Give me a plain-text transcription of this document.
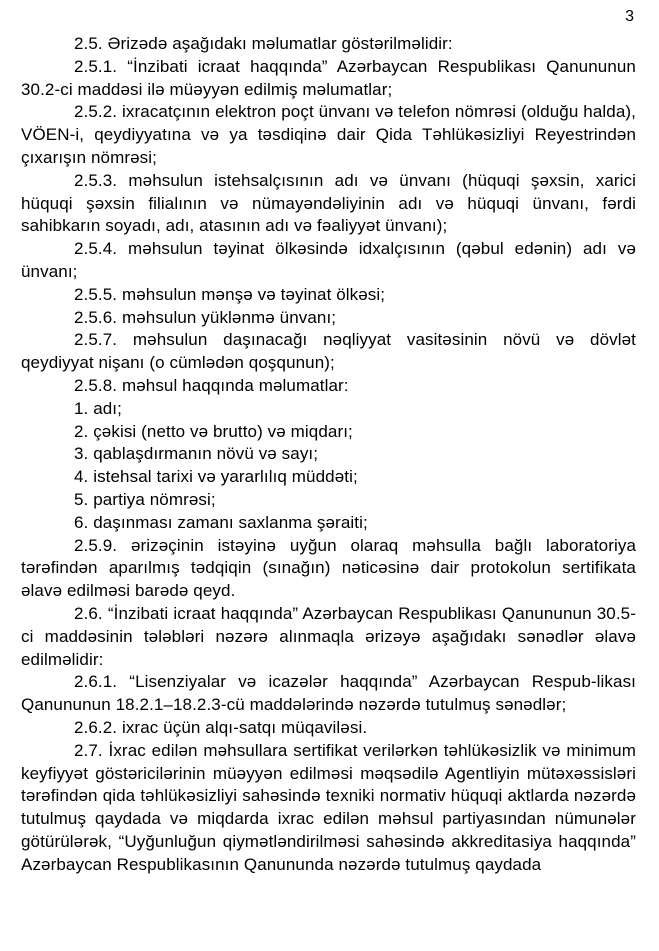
3

2.5. Ərizədə aşağıdakı məlumatlar göstərilməlidir:

2.5.1. “İnzibati icraat haqqında” Azərbaycan Respublikası Qanununun 30.2-ci maddəsi ilə müəyyən edilmiş məlumatlar;

2.5.2. ixracatçının elektron poçt ünvanı və telefon nömrəsi (olduğu halda), VÖEN-i, qeydiyyatına və ya təsdiqinə dair Qida Təhlükəsizliyi Reyestrindən çıxarışın nömrəsi;

2.5.3. məhsulun istehsalçısının adı və ünvanı (hüquqi şəxsin, xarici hüquqi şəxsin filialının və nümayəndəliyinin adı və hüquqi ünvanı, fərdi sahibkarın soyadı, adı, atasının adı və fəaliyyət ünvanı);

2.5.4. məhsulun təyinat ölkəsində idxalçısının (qəbul edənin) adı və ünvanı;

2.5.5. məhsulun mənşə və təyinat ölkəsi;

2.5.6. məhsulun yüklənmə ünvanı;

2.5.7. məhsulun daşınacağı nəqliyyat vasitəsinin növü və dövlət qeydiyyat nişanı (o cümlədən qoşqunun);

2.5.8. məhsul haqqında məlumatlar:

1. adı;

2. çəkisi (netto və brutto) və miqdarı;

3. qablaşdırmanın növü və sayı;

4. istehsal tarixi və yararlılıq müddəti;

5. partiya nömrəsi;

6. daşınması zamanı saxlanma şəraiti;

2.5.9. ərizəçinin istəyinə uyğun olaraq məhsulla bağlı laboratoriya tərəfindən aparılmış tədqiqin (sınağın) nəticəsinə dair protokolun sertifikata əlavə edilməsi barədə qeyd.

2.6. “İnzibati icraat haqqında” Azərbaycan Respublikası Qanununun 30.5-ci maddəsinin tələbləri nəzərə alınmaqla ərizəyə aşağıdakı sənədlər əlavə edilməlidir:

2.6.1. “Lisenziyalar və icazələr haqqında” Azərbaycan Respub-likası Qanununun 18.2.1–18.2.3-cü maddələrində nəzərdə tutulmuş sənədlər;

2.6.2. ixrac üçün alqı-satqı müqaviləsi.

2.7. İxrac edilən məhsullara sertifikat verilərkən təhlükəsizlik və minimum keyfiyyət göstəricilərinin müəyyən edilməsi məqsədilə Agentliyin mütəxəssisləri tərəfindən qida təhlükəsizliyi sahəsində texniki normativ hüquqi aktlarda nəzərdə tutulmuş qaydada və miqdarda ixrac edilən məhsul partiyasından nümunələr götürülərək, “Uyğunluğun qiymətləndirilməsi sahəsində akkreditasiya haqqında” Azərbaycan Respublikasının Qanununda nəzərdə tutulmuş qaydada
